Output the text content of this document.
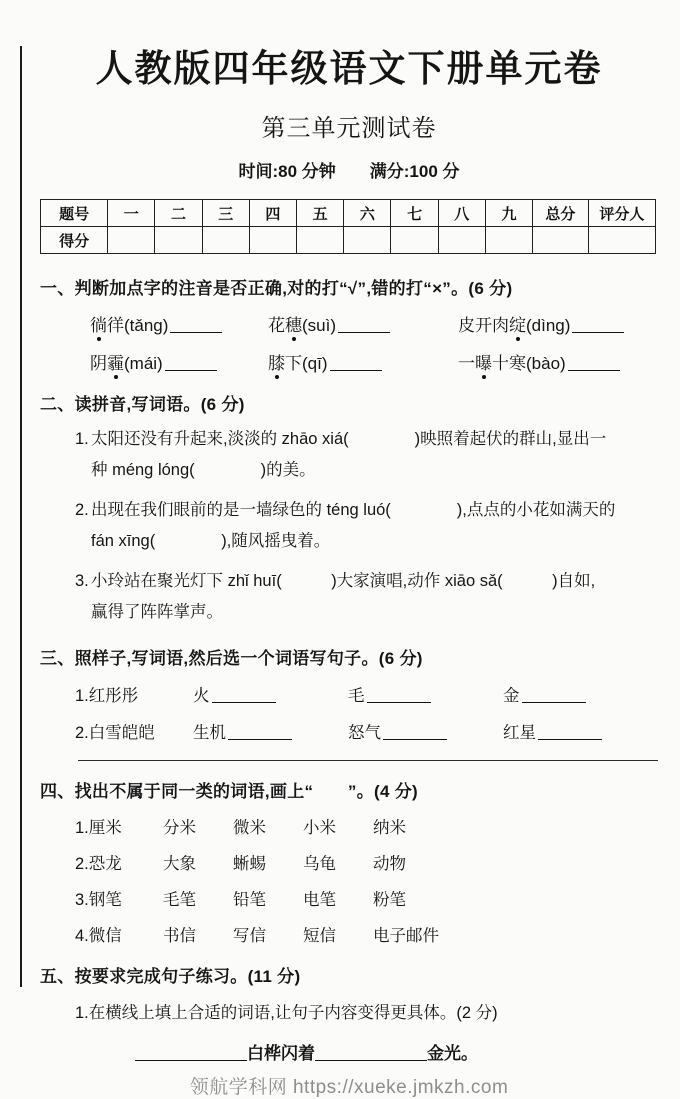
人教版四年级语文下册单元卷
第三单元测试卷
时间:80 分钟 满分:100 分
题号	一	二	三	四	五	六	七	八	九	总分	评分人
得分											
一、判断加点字的注音是否正确,对的打“√”,错的打“×”。(6 分)
徜徉(tǎng)	花穗(suì)	皮开肉绽(dìng)
阴霾(mái)	膝下(qī)	一曝十寒(bào)
二、读拼音,写词语。(6 分)
1. 太阳还没有升起来,淡淡的 zhāo xiá(　　　　)映照着起伏的群山,显出一
种 méng lóng(　　　　)的美。
2. 出现在我们眼前的是一墙绿色的 téng luó(　　　　),点点的小花如满天的
fán xīng(　　　　),随风摇曳着。
3. 小玲站在聚光灯下 zhǐ huī(　　　)大家演唱,动作 xiāo sǎ(　　　)自如,
赢得了阵阵掌声。
三、照样子,写词语,然后选一个词语写句子。(6 分)
1.红彤彤	火	毛	金
2.白雪皑皑	生机	怒气	红星
四、找出不属于同一类的词语,画上“　　”。(4 分)
1.厘米	分米	微米	小米	纳米
2.恐龙	大象	蜥蜴	乌龟	动物
3.钢笔	毛笔	铅笔	电笔	粉笔
4.微信	书信	写信	短信	电子邮件
五、按要求完成句子练习。(11 分)
1.在横线上填上合适的词语,让句子内容变得更具体。(2 分)
白桦闪着	金光。
领航学科网 https://xueke.jmkzh.com
